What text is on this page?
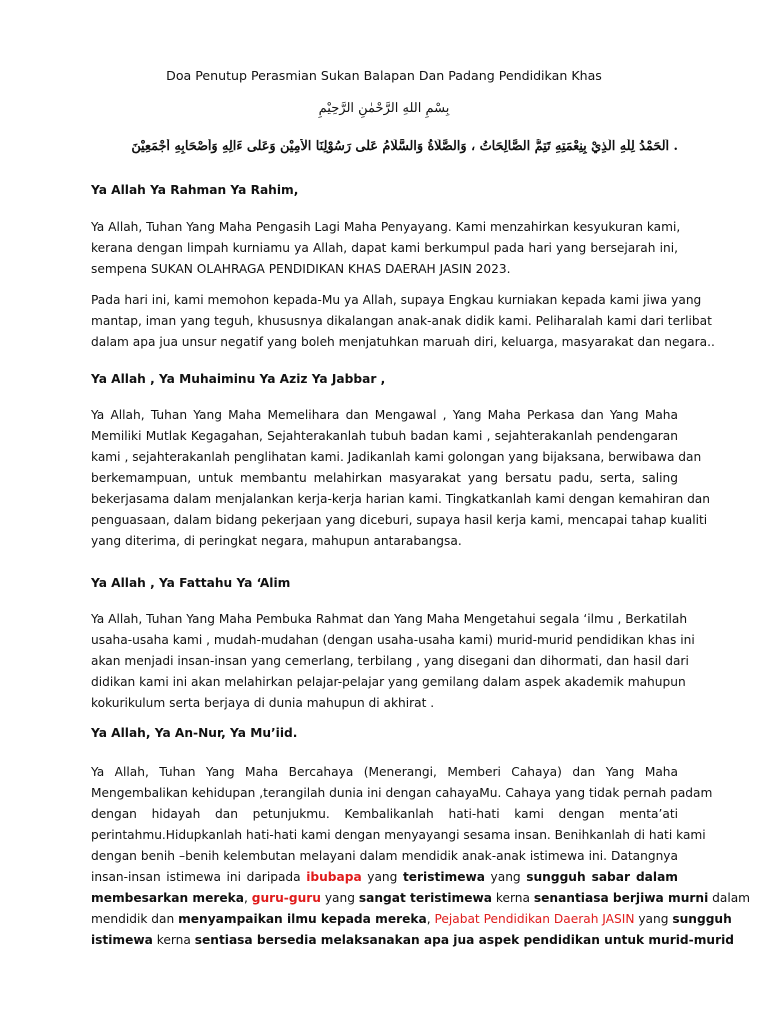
Doa Penutup Perasmian Sukan Balapan Dan Padang Pendidikan Khas
بِسْمِ اللهِ الرَّحْمٰنِ الرَّحِيْمِ
. اَلْحَمْدُ لِلّٰهِ الَّذِيْ بِنِعْمَتِهِ تَتِمُّ الصَّالِحَاتُ ، وَالصَّلَاةُ وَالسَّلَامُ عَلٰى رَسُوْلِنَا الْأَمِيْنِ وَعَلٰى ءَالِهِ وَأَصْحَابِهِ أَجْمَعِيْنَ
Ya Allah Ya Rahman Ya Rahim,
Ya Allah, Tuhan Yang Maha Pengasih Lagi Maha Penyayang. Kami menzahirkan kesyukuran kami,
kerana dengan limpah kurniamu ya Allah, dapat kami berkumpul pada hari yang bersejarah ini,
sempena SUKAN OLAHRAGA PENDIDIKAN KHAS DAERAH JASIN 2023.
Pada hari ini, kami memohon kepada-Mu ya Allah, supaya Engkau kurniakan kepada kami jiwa yang
mantap, iman yang teguh, khususnya dikalangan anak-anak didik kami. Peliharalah kami dari terlibat
dalam apa jua unsur negatif yang boleh menjatuhkan maruah diri, keluarga, masyarakat dan negara..
Ya Allah , Ya Muhaiminu Ya Aziz Ya Jabbar ,
Ya Allah, Tuhan Yang Maha Memelihara dan Mengawal , Yang Maha Perkasa dan Yang Maha
Memiliki Mutlak Kegagahan, Sejahterakanlah tubuh badan kami , sejahterakanlah pendengaran
kami , sejahterakanlah penglihatan kami. Jadikanlah kami golongan yang bijaksana, berwibawa dan
berkemampuan, untuk membantu melahirkan masyarakat yang bersatu padu, serta, saling
bekerjasama dalam menjalankan kerja-kerja harian kami. Tingkatkanlah kami dengan kemahiran dan
penguasaan, dalam bidang pekerjaan yang diceburi, supaya hasil kerja kami, mencapai tahap kualiti
yang diterima, di peringkat negara, mahupun antarabangsa.
Ya Allah , Ya Fattahu Ya ‘Alim
Ya Allah, Tuhan Yang Maha Pembuka Rahmat dan Yang Maha Mengetahui segala ‘ilmu , Berkatilah
usaha-usaha kami , mudah-mudahan (dengan usaha-usaha kami) murid-murid pendidikan khas ini
akan menjadi insan-insan yang cemerlang, terbilang , yang disegani dan dihormati, dan hasil dari
didikan kami ini akan melahirkan pelajar-pelajar yang gemilang dalam aspek akademik mahupun
kokurikulum serta berjaya di dunia mahupun di akhirat .
Ya Allah, Ya An-Nur, Ya Mu’iid.
Ya Allah, Tuhan Yang Maha Bercahaya (Menerangi, Memberi Cahaya) dan Yang Maha
Mengembalikan kehidupan ,terangilah dunia ini dengan cahayaMu. Cahaya yang tidak pernah padam
dengan hidayah dan petunjukmu. Kembalikanlah hati-hati kami dengan menta’ati
perintahmu.Hidupkanlah hati-hati kami dengan menyayangi sesama insan. Benihkanlah di hati kami
dengan benih –benih kelembutan melayani dalam mendidik anak-anak istimewa ini. Datangnya
insan-insan istimewa ini daripada ibubapa yang teristimewa yang sungguh sabar dalam
membesarkan mereka, guru-guru yang sangat teristimewa kerna senantiasa berjiwa murni dalam
mendidik dan menyampaikan ilmu kepada mereka, Pejabat Pendidikan Daerah JASIN yang sungguh
istimewa kerna sentiasa bersedia melaksanakan apa jua aspek pendidikan untuk murid-murid
